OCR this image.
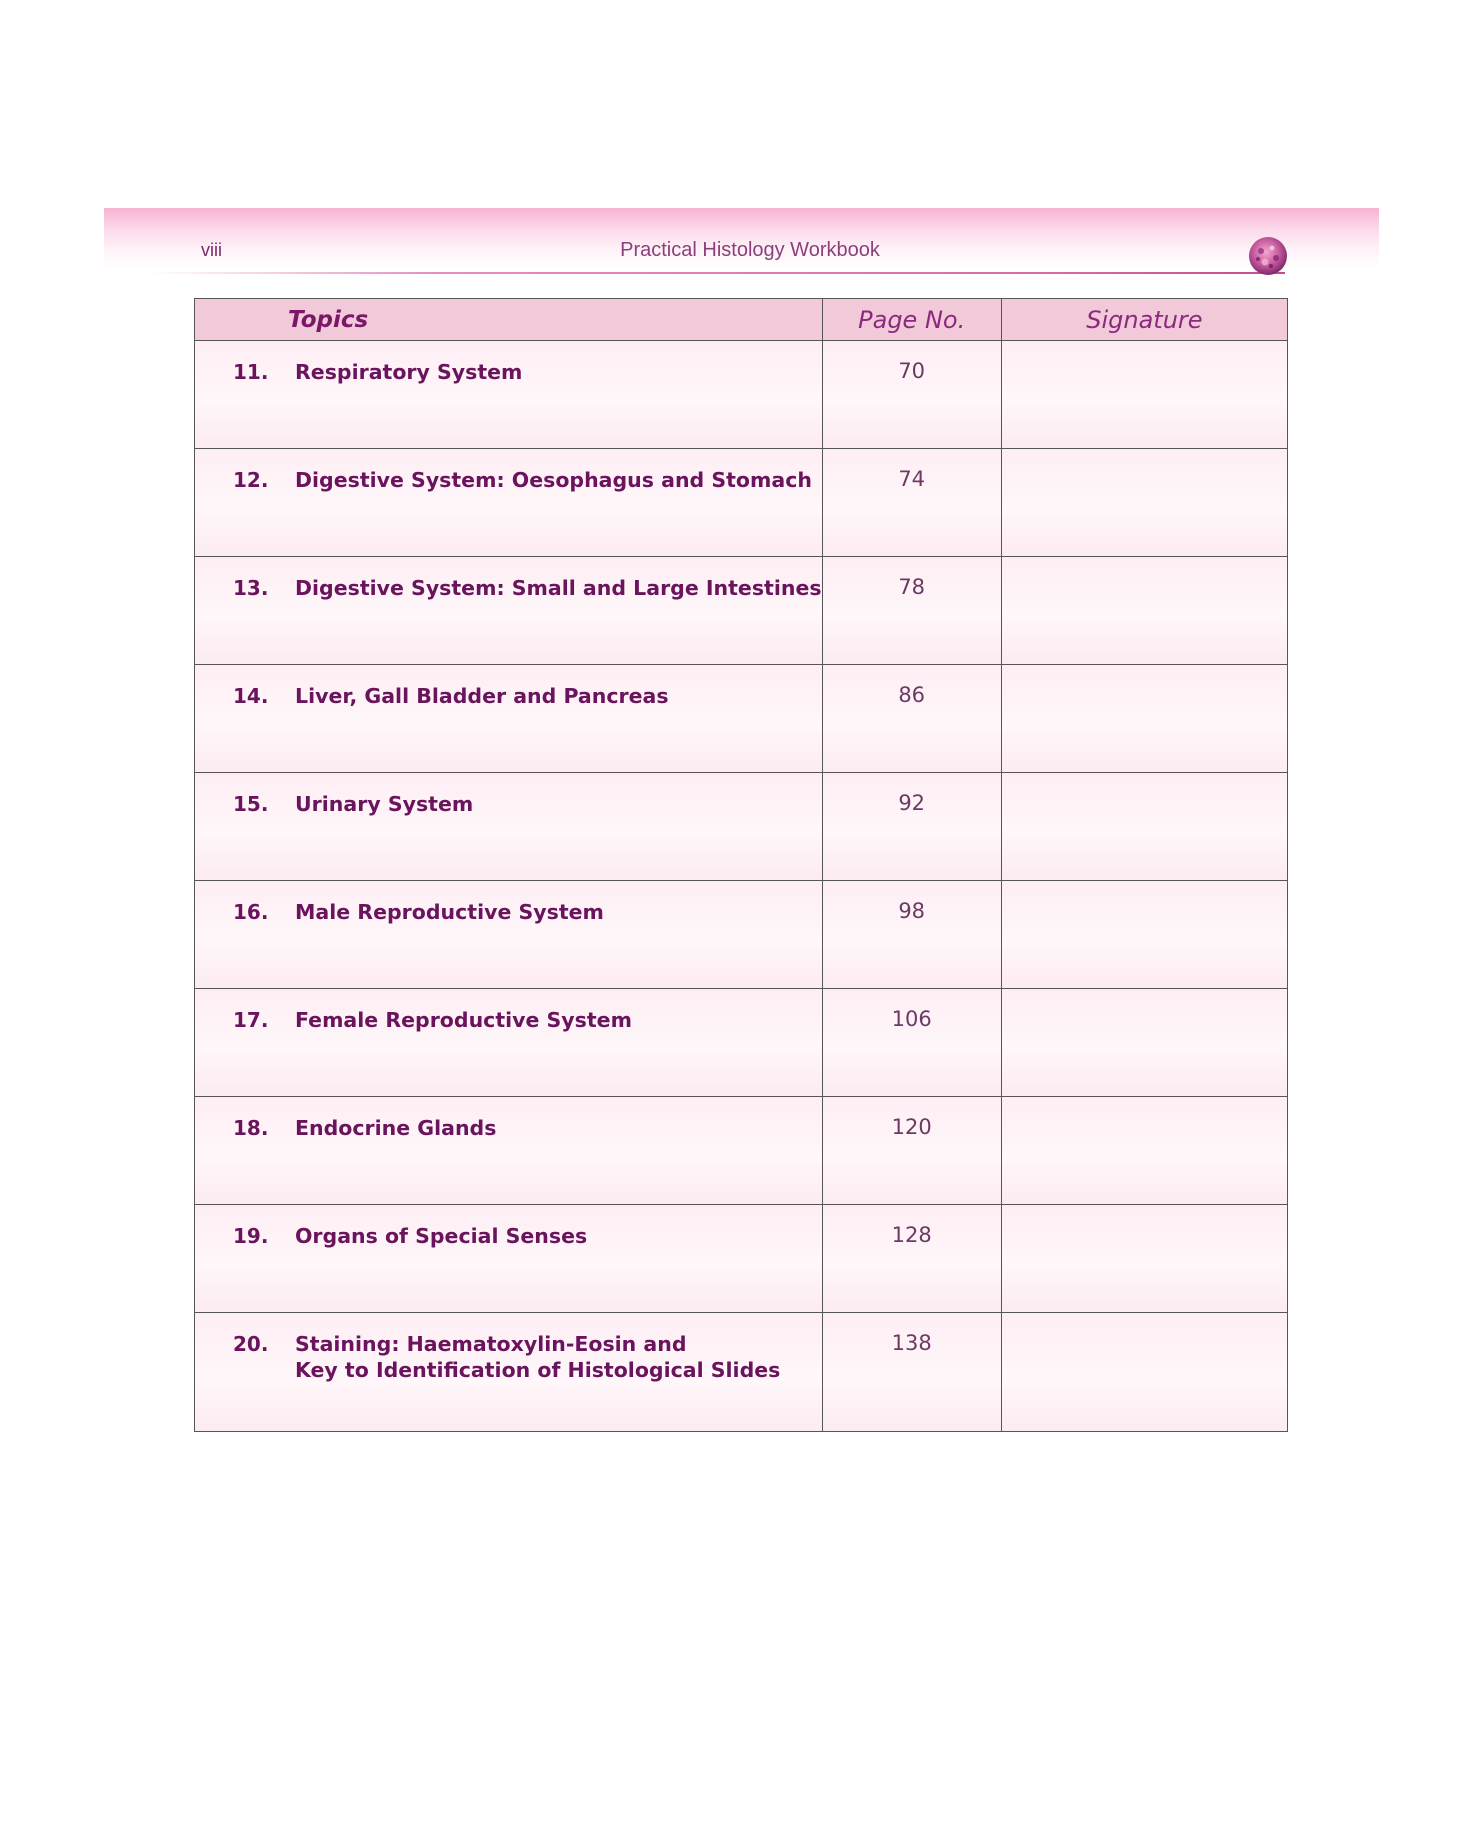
viii	Practical Histology Workbook
Topics	Page No.	Signature

11. Respiratory System	70	

12. Digestive System: Oesophagus and Stomach	74	

13. Digestive System: Small and Large Intestines	78	

14. Liver, Gall Bladder and Pancreas	86	

15. Urinary System	92	

16. Male Reproductive System	98	

17. Female Reproductive System	106	

18. Endocrine Glands	120	

19. Organs of Special Senses	128	

20. Staining: Haematoxylin-Eosin and
Key to Identification of Histological Slides	138	
